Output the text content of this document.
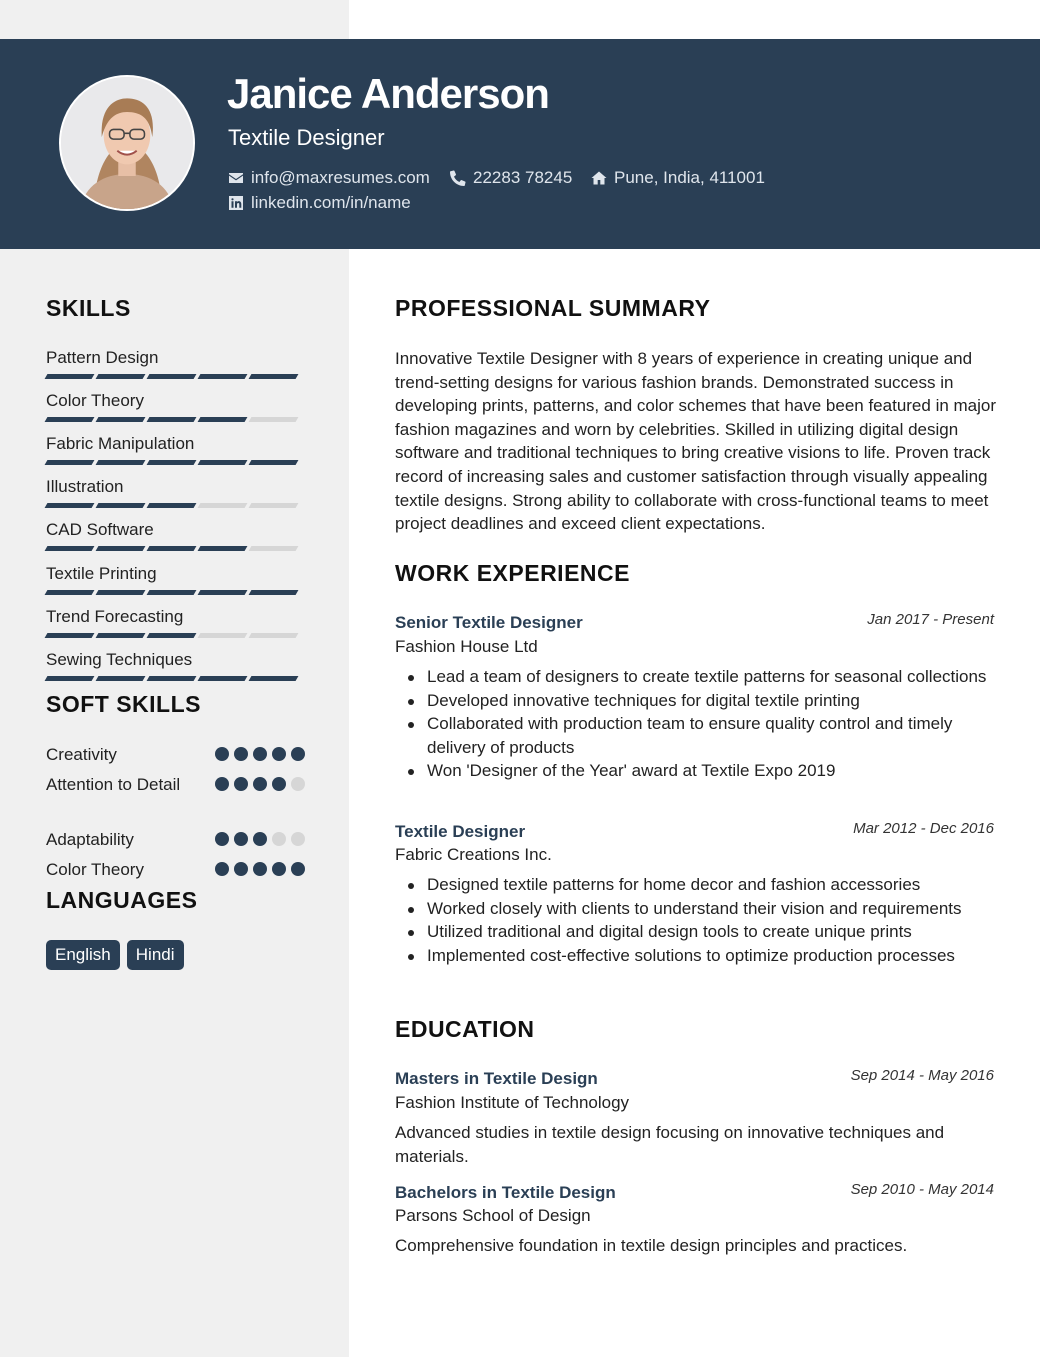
Janice Anderson
Textile Designer
info@maxresumes.com	22283 78245 Pune, India, 411001
linkedin.com/in/name
SKILLS
Pattern Design
Color Theory
Fabric Manipulation
Illustration
CAD Software
Textile Printing
Trend Forecasting
Sewing Techniques
SOFT SKILLS
Creativity
Attention to Detail
Adaptability
Color Theory
LANGUAGES
English	Hindi
PROFESSIONAL SUMMARY
Innovative Textile Designer with 8 years of experience in creating unique and trend-setting designs for various fashion brands. Demonstrated success in developing prints, patterns, and color schemes that have been featured in major fashion magazines and worn by celebrities. Skilled in utilizing digital design software and traditional techniques to bring creative visions to life. Proven track record of increasing sales and customer satisfaction through visually appealing textile designs. Strong ability to collaborate with cross-functional teams to meet project deadlines and exceed client expectations.
WORK EXPERIENCE
Senior Textile Designer	Jan 2017 - Present
Fashion House Ltd
Lead a team of designers to create textile patterns for seasonal collections
Developed innovative techniques for digital textile printing
Collaborated with production team to ensure quality control and timely delivery of products
Won 'Designer of the Year' award at Textile Expo 2019
Textile Designer	Mar 2012 - Dec 2016
Fabric Creations Inc.
Designed textile patterns for home decor and fashion accessories
Worked closely with clients to understand their vision and requirements
Utilized traditional and digital design tools to create unique prints
Implemented cost-effective solutions to optimize production processes
EDUCATION
Masters in Textile Design	Sep 2014 - May 2016
Fashion Institute of Technology
Advanced studies in textile design focusing on innovative techniques and materials.
Bachelors in Textile Design	Sep 2010 - May 2014
Parsons School of Design
Comprehensive foundation in textile design principles and practices.
